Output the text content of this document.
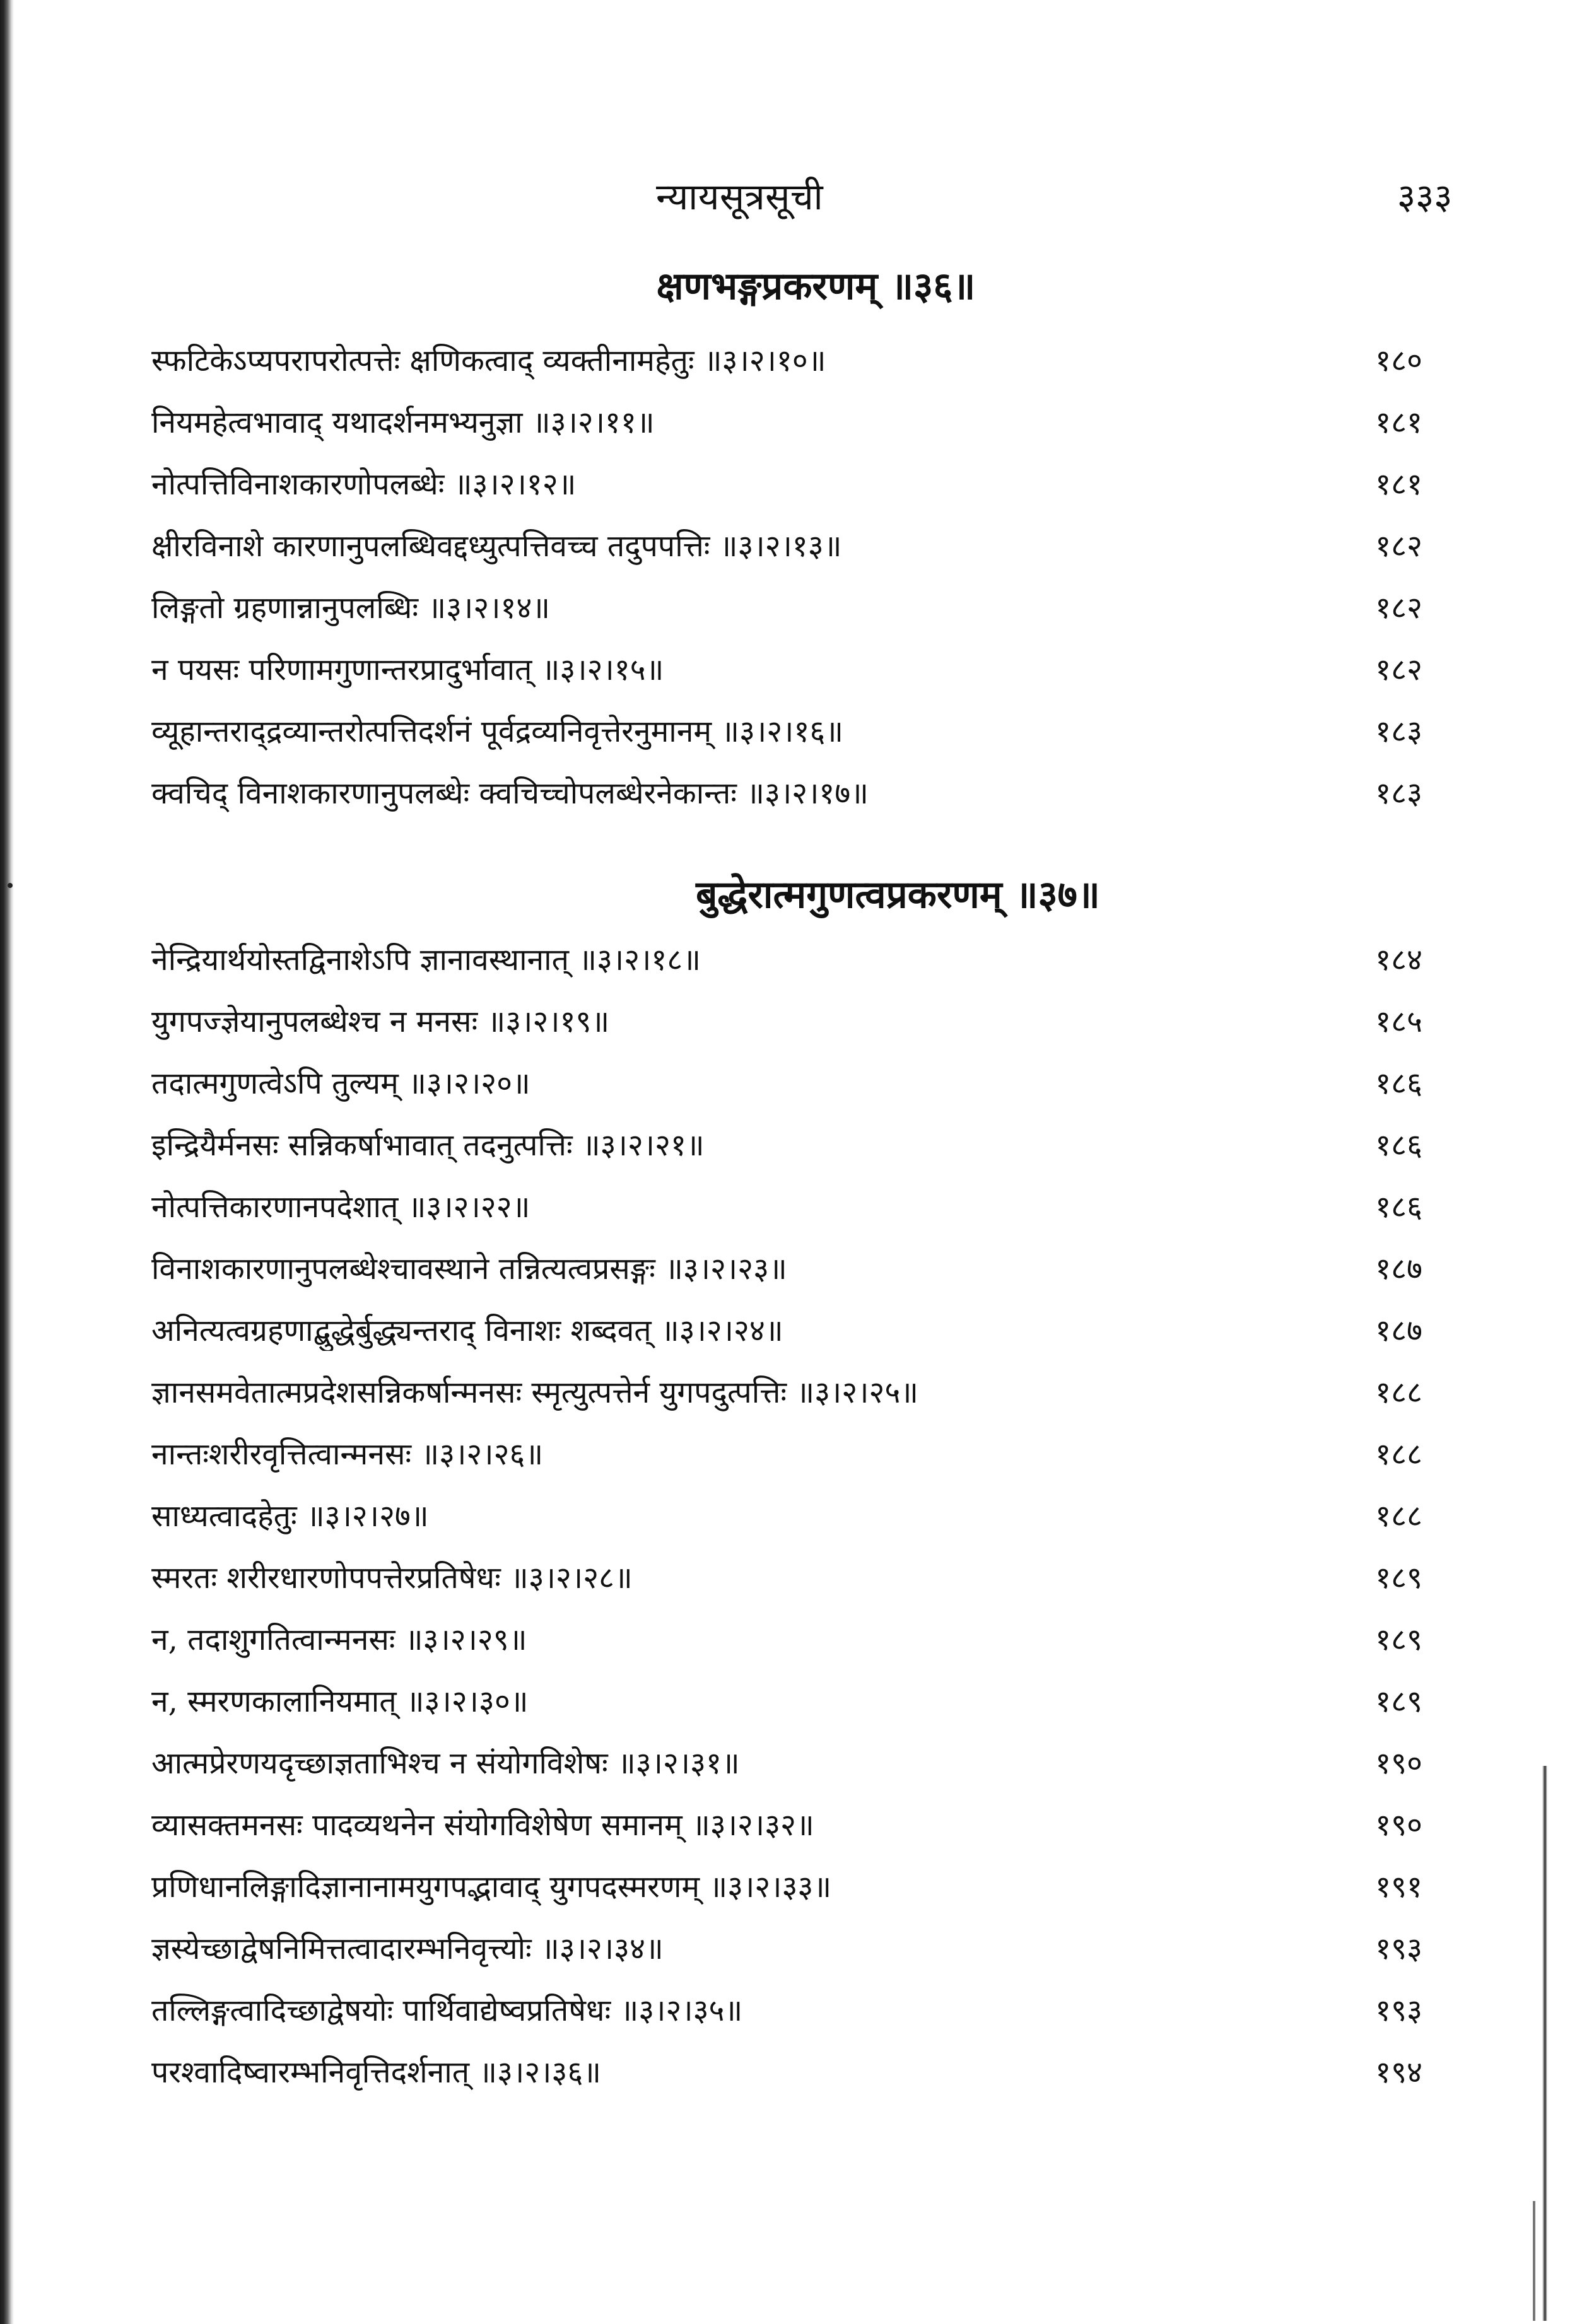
न्यायसूत्रसूची	३३३
क्षणभङ्गप्रकरणम् ॥३६॥
स्फटिकेऽप्यपरापरोत्पत्तेः क्षणिकत्वाद् व्यक्तीनामहेतुः ॥३।२।१०॥	१८०
नियमहेत्वभावाद् यथादर्शनमभ्यनुज्ञा ॥३।२।११॥	१८१
नोत्पत्तिविनाशकारणोपलब्धेः ॥३।२।१२॥	१८१
क्षीरविनाशे कारणानुपलब्धिवद्दध्युत्पत्तिवच्च तदुपपत्तिः ॥३।२।१३॥	१८२
लिङ्गतो ग्रहणान्नानुपलब्धिः ॥३।२।१४॥	१८२
न पयसः परिणामगुणान्तरप्रादुर्भावात् ॥३।२।१५॥	१८२
व्यूहान्तराद्द्रव्यान्तरोत्पत्तिदर्शनं पूर्वद्रव्यनिवृत्तेरनुमानम् ॥३।२।१६॥	१८३
क्वचिद् विनाशकारणानुपलब्धेः क्वचिच्चोपलब्धेरनेकान्तः ॥३।२।१७॥	१८३
बुद्धेरात्मगुणत्वप्रकरणम् ॥३७॥
नेन्द्रियार्थयोस्तद्विनाशेऽपि ज्ञानावस्थानात् ॥३।२।१८॥	१८४
युगपज्ज्ञेयानुपलब्धेश्च न मनसः ॥३।२।१९॥	१८५
तदात्मगुणत्वेऽपि तुल्यम् ॥३।२।२०॥	१८६
इन्द्रियैर्मनसः सन्निकर्षाभावात् तदनुत्पत्तिः ॥३।२।२१॥	१८६
नोत्पत्तिकारणानपदेशात् ॥३।२।२२॥	१८६
विनाशकारणानुपलब्धेश्चावस्थाने तन्नित्यत्वप्रसङ्गः ॥३।२।२३॥	१८७
अनित्यत्वग्रहणाद्बुद्धेर्बुद्ध्यन्तराद् विनाशः शब्दवत् ॥३।२।२४॥	१८७
ज्ञानसमवेतात्मप्रदेशसन्निकर्षान्मनसः स्मृत्युत्पत्तेर्न युगपदुत्पत्तिः ॥३।२।२५॥	१८८
नान्तःशरीरवृत्तित्वान्मनसः ॥३।२।२६॥	१८८
साध्यत्वादहेतुः ॥३।२।२७॥	१८८
स्मरतः शरीरधारणोपपत्तेरप्रतिषेधः ॥३।२।२८॥	१८९
न, तदाशुगतित्वान्मनसः ॥३।२।२९॥	१८९
न, स्मरणकालानियमात् ॥३।२।३०॥	१८९
आत्मप्रेरणयदृच्छाज्ञताभिश्च न संयोगविशेषः ॥३।२।३१॥	१९०
व्यासक्तमनसः पादव्यथनेन संयोगविशेषेण समानम् ॥३।२।३२॥	१९०
प्रणिधानलिङ्गादिज्ञानानामयुगपद्भावाद् युगपदस्मरणम् ॥३।२।३३॥	१९१
ज्ञस्येच्छाद्वेषनिमित्तत्वादारम्भनिवृत्त्योः ॥३।२।३४॥	१९३
तल्लिङ्गत्वादिच्छाद्वेषयोः पार्थिवाद्येष्वप्रतिषेधः ॥३।२।३५॥	१९३
परश्वादिष्वारम्भनिवृत्तिदर्शनात् ॥३।२।३६॥	१९४
